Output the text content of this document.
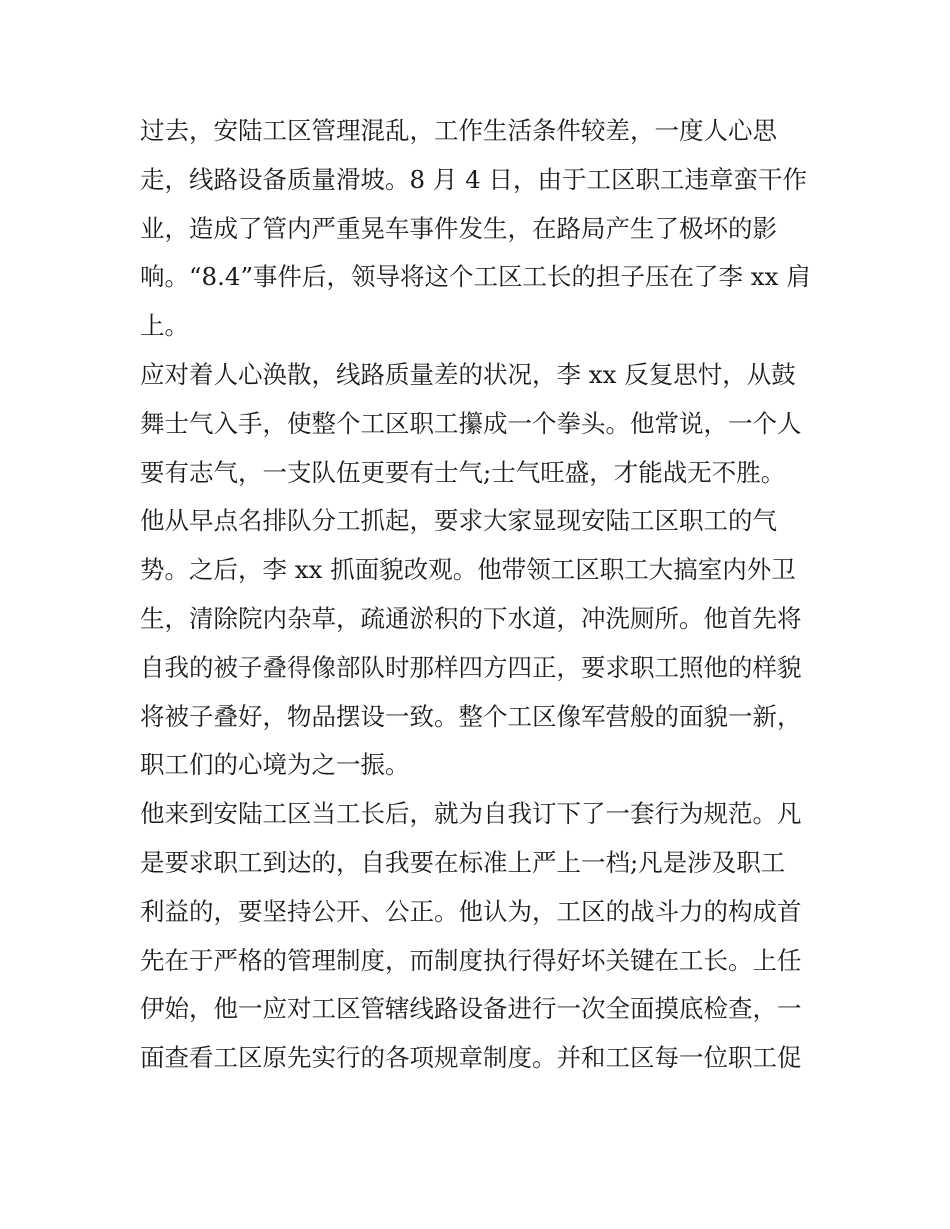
过去，安陆工区管理混乱，工作生活条件较差，一度人心思
走，线路设备质量滑坡。8 月 4 日，由于工区职工违章蛮干作
业，造成了管内严重晃车事件发生，在路局产生了极坏的影
响。“8.4”事件后，领导将这个工区工长的担子压在了李 xx 肩
上。
应对着人心涣散，线路质量差的状况，李 xx 反复思忖，从鼓
舞士气入手，使整个工区职工攥成一个拳头。他常说，一个人
要有志气，一支队伍更要有士气;士气旺盛，才能战无不胜。
他从早点名排队分工抓起，要求大家显现安陆工区职工的气
势。之后，李 xx 抓面貌改观。他带领工区职工大搞室内外卫
生，清除院内杂草，疏通淤积的下水道，冲洗厕所。他首先将
自我的被子叠得像部队时那样四方四正，要求职工照他的样貌
将被子叠好，物品摆设一致。整个工区像军营般的面貌一新，
职工们的心境为之一振。
他来到安陆工区当工长后，就为自我订下了一套行为规范。凡
是要求职工到达的，自我要在标准上严上一档;凡是涉及职工
利益的，要坚持公开、公正。他认为，工区的战斗力的构成首
先在于严格的管理制度，而制度执行得好坏关键在工长。上任
伊始，他一应对工区管辖线路设备进行一次全面摸底检查，一
面查看工区原先实行的各项规章制度。并和工区每一位职工促
